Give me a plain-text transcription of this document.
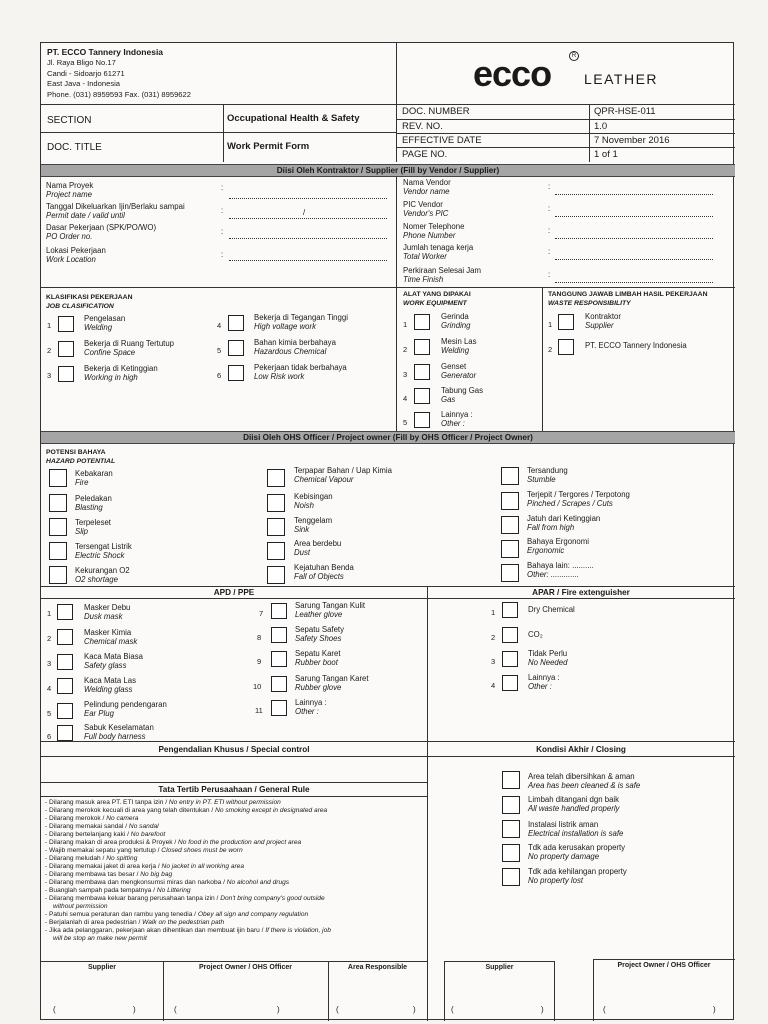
PT. ECCO Tannery Indonesia
Jl. Raya Bligo No.17
Candi - Sidoarjo 61271
East Java - Indonesia
Phone. (031) 8959593 Fax. (031) 8959622
ecco	R
LEATHER
SECTION	Occupational Health & Safety
DOC. TITLE	Work Permit Form
DOC. NUMBER	QPR-HSE-011
REV. NO.	1.0
EFFECTIVE DATE	7 November 2016
PAGE NO.	1 of 1
Diisi Oleh Kontraktor / Supplier (Fill by Vendor / Supplier)
Nama Proyek
Project name
:
Tanggal Dikeluarkan Ijin/Berlaku sampai
Permit date / valid until
:	/
Dasar Pekerjaan (SPK/PO/WO)
PO Order no.
:
Lokasi Pekerjaan
Work Location
:
Nama Vendor
Vendor name
:
PIC Vendor
Vendor's PIC
:
Nomer Telephone
Phone Number
:
Jumlah tenaga kerja
Total Worker
:
Perkiraan Selesai Jam
Time Finish
:
KLASIFIKASI PEKERJAAN
JOB CLASIFICATION
1
Pengelasan
Welding
2
Bekerja di Ruang Tertutup
Confine Space
3
Bekerja di Ketinggian
Working in high
4
Bekerja di Tegangan Tinggi
High voltage work
5
Bahan kimia berbahaya
Hazardous Chemical
6
Pekerjaan tidak berbahaya
Low Risk work
ALAT YANG DIPAKAI
WORK EQUIPMENT
1
Gerinda
Grinding
2
Mesin Las
Welding
3
Genset
Generator
4
Tabung Gas
Gas
5
Lainnya :
Other :
TANGGUNG JAWAB LIMBAH HASIL PEKERJAAN
WASTE RESPONSIBILITY
1
Kontraktor
Supplier
2	PT. ECCO Tannery Indonesia
Diisi Oleh OHS Officer / Project owner (Fill by OHS Officer / Project Owner)
POTENSI BAHAYA
HAZARD POTENTIAL
Kebakaran
Fire
Peledakan
Blasting
Terpeleset
Slip
Tersengat Listrik
Electric Shock
Kekurangan O2
O2 shortage
Terpapar Bahan / Uap Kimia
Chemical Vapour
Kebisingan
Noish
Tenggelam
Sink
Area berdebu
Dust
Kejatuhan Benda
Fall of Objects
Tersandung
Stumble
Terjepit / Tergores / Terpotong
Pinched / Scrapes / Cuts
Jatuh dari Ketinggian
Fall from high
Bahaya Ergonomi
Ergonomic
Bahaya lain: ..........
Other: .............
APD / PPE	APAR / Fire extenguisher
1
Masker Debu
Dusk mask
2
Masker Kimia
Chemical mask
3
Kaca Mata Biasa
Safety glass
4
Kaca Mata Las
Welding glass
5
Pelindung pendengaran
Ear Plug
6
Sabuk Keselamatan
Full body harness
7
Sarung Tangan Kulit
Leather glove
8
Sepatu Safety
Safety Shoes
9
Sepatu Karet
Rubber boot
10
Sarung Tangan Karet
Rubber glove
11
Lainnya :
Other :
1	Dry Chemical
2	CO₂
3
Tidak Perlu
No Needed
4
Lainnya :
Other :
Pengendalian Khusus / Special control	Kondisi Akhir / Closing
Area telah dibersihkan & aman
Area has been cleaned & is safe
Limbah ditangani dgn baik
All waste handled properly
Instalasi listrik aman
Electrical installation is safe
Tdk ada kerusakan property
No property damage
Tdk ada kehilangan property
No property lost
Tata Tertib Perusaahaan / General Rule
- Dilarang masuk area PT. ETI tanpa izin / No entry in PT. ETI without permission
- Dilarang merokok kecuali di area yang telah ditentukan / No smoking except in designated area
- Dilarang merokok / No camera
- Dilarang memakai sandal / No sandal
- Dilarang bertelanjang kaki / No barefoot
- Dilarang makan di area produksi & Proyek / No food in the production and project area
- Wajib memakai sepatu yang tertutup / Closed shoes must be worn
- Dilarang meludah / No spitting
- Dilarang memakai jaket di area kerja / No jacket in all working area
- Dilarang membawa tas besar / No big bag
- Dilarang membawa dan mengkonsumsi miras dan narkoba / No alcohol and drugs
- Buanglah sampah pada tempatnya / No Littering
- Dilarang membawa keluar barang perusahaan tanpa izin / Don't bring company's good outside
without permission
- Patuhi semua peraturan dan rambu yang tenedia / Obey all sign and company regulation
- Berjalanlah di area pedestrian / Walk on the pedestrian path
- Jika ada pelanggaran, pekerjaan akan dihentikan dan membuat ijin baru / If there is violation, job
will be stop an make new permit
Supplier	Project Owner / OHS Officer	Area Responsible
(	)	(	)	(	)
Supplier	Project Owner / OHS Officer
(	)	(	)
